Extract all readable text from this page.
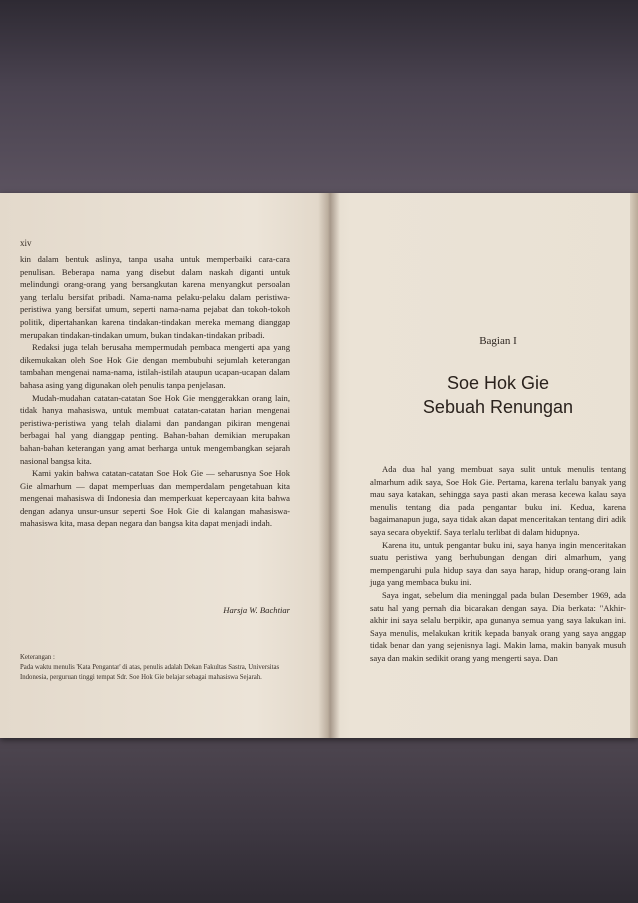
xiv

kin dalam bentuk aslinya, tanpa usaha untuk memperbaiki cara-cara penulisan. Beberapa nama yang disebut dalam naskah diganti untuk melindungi orang-orang yang bersangkutan karena menyangkut persoalan yang terlalu bersifat pribadi. Nama-nama pelaku-pelaku dalam peristiwa-peristiwa yang bersifat umum, seperti nama-nama pejabat dan tokoh-tokoh politik, dipertahankan karena tindakan-tindakan mereka memang dianggap merupakan tindakan-tindakan umum, bukan tindakan-tindakan pribadi.

Redaksi juga telah berusaha mempermudah pembaca mengerti apa yang dikemukakan oleh Soe Hok Gie dengan membubuhi sejumlah keterangan tambahan mengenai nama-nama, istilah-istilah ataupun ucapan-ucapan dalam bahasa asing yang digunakan oleh penulis tanpa penjelasan.

Mudah-mudahan catatan-catatan Soe Hok Gie menggerakkan orang lain, tidak hanya mahasiswa, untuk membuat catatan-catatan harian mengenai peristiwa-peristiwa yang telah dialami dan pandangan pikiran mengenai berbagai hal yang dianggap penting. Bahan-bahan demikian merupakan bahan-bahan keterangan yang amat berharga untuk mengembangkan sejarah nasional bangsa kita.

Kami yakin bahwa catatan-catatan Soe Hok Gie — seharusnya Soe Hok Gie almarhum — dapat memperluas dan memperdalam pengetahuan kita mengenai mahasiswa di Indonesia dan memperkuat kepercayaan kita bahwa dengan adanya unsur-unsur seperti Soe Hok Gie di kalangan mahasiswa-mahasiswa kita, masa depan negara dan bangsa kita dapat menjadi indah.

Harsja W. Bachtiar

Keterangan :

Pada waktu menulis 'Kata Pengantar' di atas, penulis adalah Dekan Fakultas Sastra, Universitas Indonesia, perguruan tinggi tempat Sdr. Soe Hok Gie belajar sebagai mahasiswa Sejarah.

Bagian I
Soe Hok Gie
Sebuah Renungan

Ada dua hal yang membuat saya sulit untuk menulis tentang almarhum adik saya, Soe Hok Gie. Pertama, karena terlalu banyak yang mau saya katakan, sehingga saya pasti akan merasa kecewa kalau saya menulis tentang dia pada pengantar buku ini. Kedua, karena bagaimanapun juga, saya tidak akan dapat menceritakan tentang diri adik saya secara obyektif. Saya terlalu terlibat di dalam hidupnya.

Karena itu, untuk pengantar buku ini, saya hanya ingin menceritakan suatu peristiwa yang berhubungan dengan diri almarhum, yang mempengaruhi pula hidup saya dan saya harap, hidup orang-orang lain juga yang membaca buku ini.

Saya ingat, sebelum dia meninggal pada bulan Desember 1969, ada satu hal yang pernah dia bicarakan dengan saya. Dia berkata: "Akhir-akhir ini saya selalu berpikir, apa gunanya semua yang saya lakukan ini. Saya menulis, melakukan kritik kepada banyak orang yang saya anggap tidak benar dan yang sejenisnya lagi. Makin lama, makin banyak musuh saya dan makin sedikit orang yang mengerti saya. Dan
